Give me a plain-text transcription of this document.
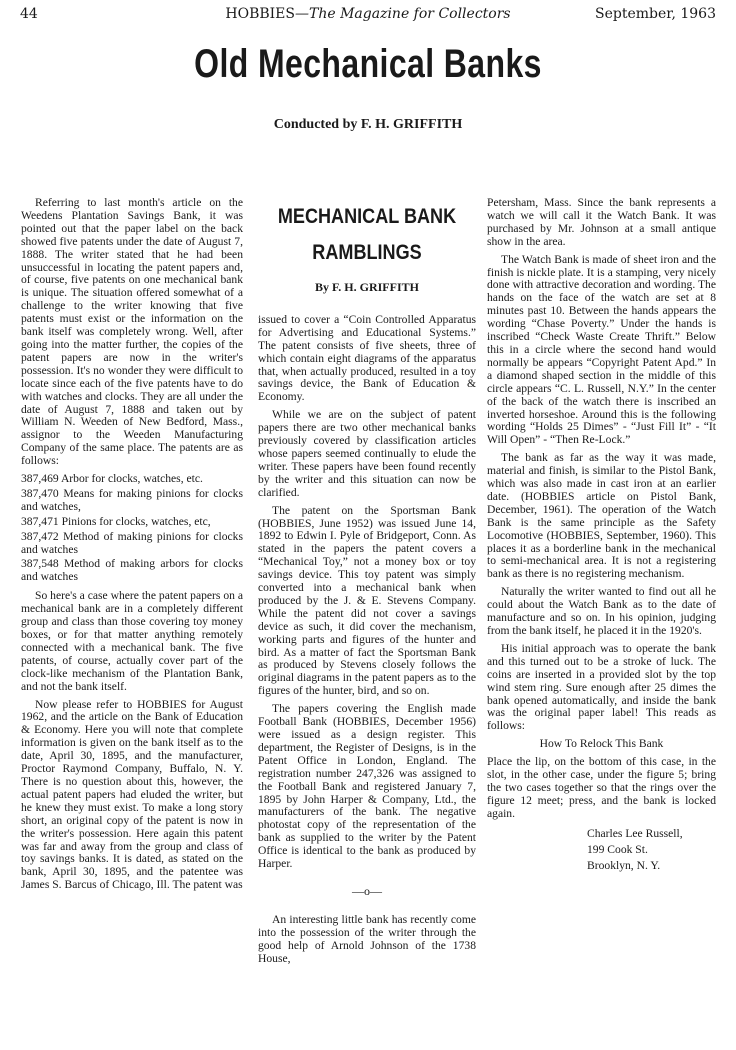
44	HOBBIES—The Magazine for Collectors	September, 1963
Old Mechanical Banks
Conducted by F. H. GRIFFITH

Referring to last month's article on the Weedens Plantation Savings Bank, it was pointed out that the paper label on the back showed five patents under the date of August 7, 1888. The writer stated that he had been unsuccessful in locating the patent papers and, of course, five patents on one mechanical bank is unique. The situation offered somewhat of a challenge to the writer knowing that five patents must exist or the information on the bank itself was completely wrong. Well, after going into the matter further, the copies of the patent papers are now in the writer's possession. It's no wonder they were difficult to locate since each of the five patents have to do with watches and clocks. They are all under the date of August 7, 1888 and taken out by William N. Weeden of New Bedford, Mass., assignor to the Weeden Manufacturing Company of the same place. The patents are as follows:

387,469 Arbor for clocks, watches, etc.
387,470 Means for making pinions for clocks and watches,
387,471 Pinions for clocks, watches, etc,
387,472 Method of making pinions for clocks and watches
387,548 Method of making arbors for clocks and watches

So here's a case where the patent papers on a mechanical bank are in a completely different group and class than those covering toy money boxes, or for that matter anything remotely connected with a mechanical bank. The five patents, of course, actually cover part of the clock-like mechanism of the Plantation Bank, and not the bank itself.

Now please refer to HOBBIES for August 1962, and the article on the Bank of Education & Economy. Here you will note that complete information is given on the bank itself as to the date, April 30, 1895, and the manufacturer, Proctor Raymond Company, Buffalo, N. Y. There is no question about this, however, the actual patent papers had eluded the writer, but he knew they must exist. To make a long story short, an original copy of the patent is now in the writer's possession. Here again this patent was far and away from the group and class of toy savings banks. It is dated, as stated on the bank, April 30, 1895, and the patentee was James S. Barcus of Chicago, Ill. The patent was

MECHANICAL BANK
RAMBLINGS
By F. H. GRIFFITH

issued to cover a “Coin Controlled Apparatus for Advertising and Educational Systems.” The patent consists of five sheets, three of which contain eight diagrams of the apparatus that, when actually produced, resulted in a toy savings device, the Bank of Education & Economy.

While we are on the subject of patent papers there are two other mechanical banks previously covered by classification articles whose papers seemed continually to elude the writer. These papers have been found recently by the writer and this situation can now be clarified.

The patent on the Sportsman Bank (HOBBIES, June 1952) was issued June 14, 1892 to Edwin I. Pyle of Bridgeport, Conn. As stated in the papers the patent covers a “Mechanical Toy,” not a money box or toy savings device. This toy patent was simply converted into a mechanical bank when produced by the J. & E. Stevens Company. While the patent did not cover a savings device as such, it did cover the mechanism, working parts and figures of the hunter and bird. As a matter of fact the Sportsman Bank as produced by Stevens closely follows the original diagrams in the patent papers as to the figures of the hunter, bird, and so on.

The papers covering the English made Football Bank (HOBBIES, December 1956) were issued as a design register. This department, the Register of Designs, is in the Patent Office in London, England. The registration number 247,326 was assigned to the Football Bank and registered January 7, 1895 by John Harper & Company, Ltd., the manufacturers of the bank. The negative photostat copy of the representation of the bank as supplied to the writer by the Patent Office is identical to the bank as produced by Harper.

—o—

An interesting little bank has recently come into the possession of the writer through the good help of Arnold Johnson of the 1738 House,

Petersham, Mass. Since the bank represents a watch we will call it the Watch Bank. It was purchased by Mr. Johnson at a small antique show in the area.

The Watch Bank is made of sheet iron and the finish is nickle plate. It is a stamping, very nicely done with attractive decoration and wording. The hands on the face of the watch are set at 8 minutes past 10. Between the hands appears the wording “Chase Poverty.” Under the hands is inscribed “Check Waste Create Thrift.” Below this in a circle where the second hand would normally be appears “Copyright Patent Apd.” In a diamond shaped section in the middle of this circle appears “C. L. Russell, N.Y.” In the center of the back of the watch there is inscribed an inverted horseshoe. Around this is the following wording “Holds 25 Dimes” - “Just Fill It” - “It Will Open” - “Then Re-Lock.”

The bank as far as the way it was made, material and finish, is similar to the Pistol Bank, which was also made in cast iron at an earlier date. (HOBBIES article on Pistol Bank, December, 1961). The operation of the Watch Bank is the same principle as the Safety Locomotive (HOBBIES, September, 1960). This places it as a borderline bank in the mechanical to semi-mechanical area. It is not a registering bank as there is no registering mechanism.

Naturally the writer wanted to find out all he could about the Watch Bank as to the date of manufacture and so on. In his opinion, judging from the bank itself, he placed it in the 1920's.

His initial approach was to operate the bank and this turned out to be a stroke of luck. The coins are inserted in a provided slot by the top wind stem ring. Sure enough after 25 dimes the bank opened automatically, and inside the bank was the original paper label! This reads as follows:

How To Relock This Bank

Place the lip, on the bottom of this case, in the slot, in the other case, under the figure 5; bring the two cases together so that the rings over the figure 12 meet; press, and the bank is locked again.

Charles Lee Russell,
199 Cook St.
Brooklyn, N. Y.
